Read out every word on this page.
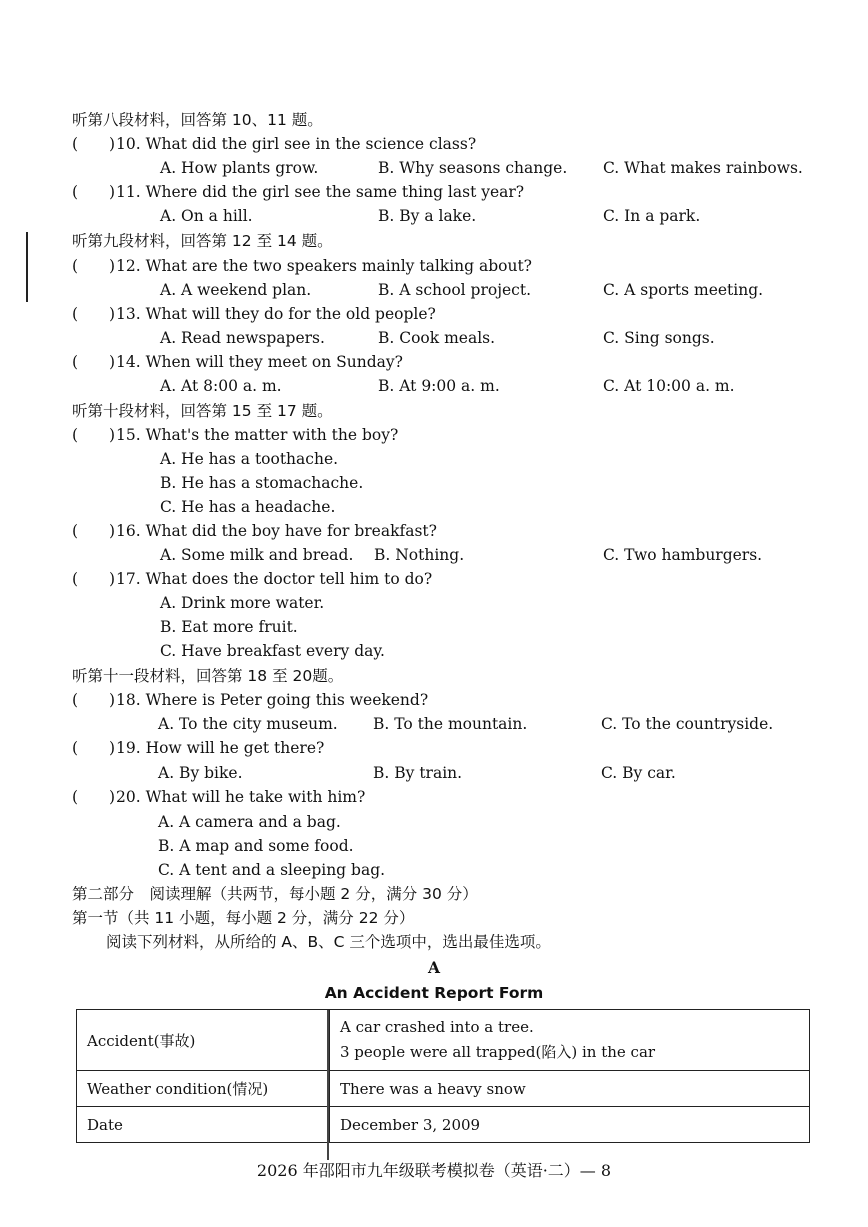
听第八段材料，回答第 10、11 题。
(　　) 10. What did the girl see in the science class?
A. How plants grow.	B. Why seasons change. C. What makes rainbows.
(　　) 11. Where did the girl see the same thing last year?
A. On a hill.	B. By a lake.	C. In a park.
听第九段材料，回答第 12 至 14 题。
(　　) 12. What are the two speakers mainly talking about?
A. A weekend plan.	B. A school project.	C. A sports meeting.
(　　) 13. What will they do for the old people?
A. Read newspapers.	B. Cook meals.	C. Sing songs.
(　　) 14. When will they meet on Sunday?
A. At 8:00 a. m.	B. At 9:00 a. m.	C. At 10:00 a. m.
听第十段材料，回答第 15 至 17 题。
(　　) 15. What's the matter with the boy?
A. He has a toothache.
B. He has a stomachache.
C. He has a headache.
(　　) 16. What did the boy have for breakfast?
A. Some milk and bread. B. Nothing.	C. Two hamburgers.
(　　) 17. What does the doctor tell him to do?
A. Drink more water.
B. Eat more fruit.
C. Have breakfast every day.
听第十一段材料，回答第 18 至 20题。
(　　) 18. Where is Peter going this weekend?
A. To the city museum. B. To the mountain.	C. To the countryside.
(　　) 19. How will he get there?
A. By bike.	B. By train.	C. By car.
(　　) 20. What will he take with him?
A. A camera and a bag.
B. A map and some food.
C. A tent and a sleeping bag.
第二部分　阅读理解（共两节，每小题 2 分，满分 30 分）
第一节（共 11 小题，每小题 2 分，满分 22 分）
阅读下列材料，从所给的 A、B、C 三个选项中，选出最佳选项。
A
An Accident Report Form
Accident(事故)	A car crashed into a tree.
3 people were all trapped(陷入) in the car

Weather condition(情况)	There was a heavy snow
Date	December 3, 2009
2026 年邵阳市九年级联考模拟卷（英语·二）— 8
